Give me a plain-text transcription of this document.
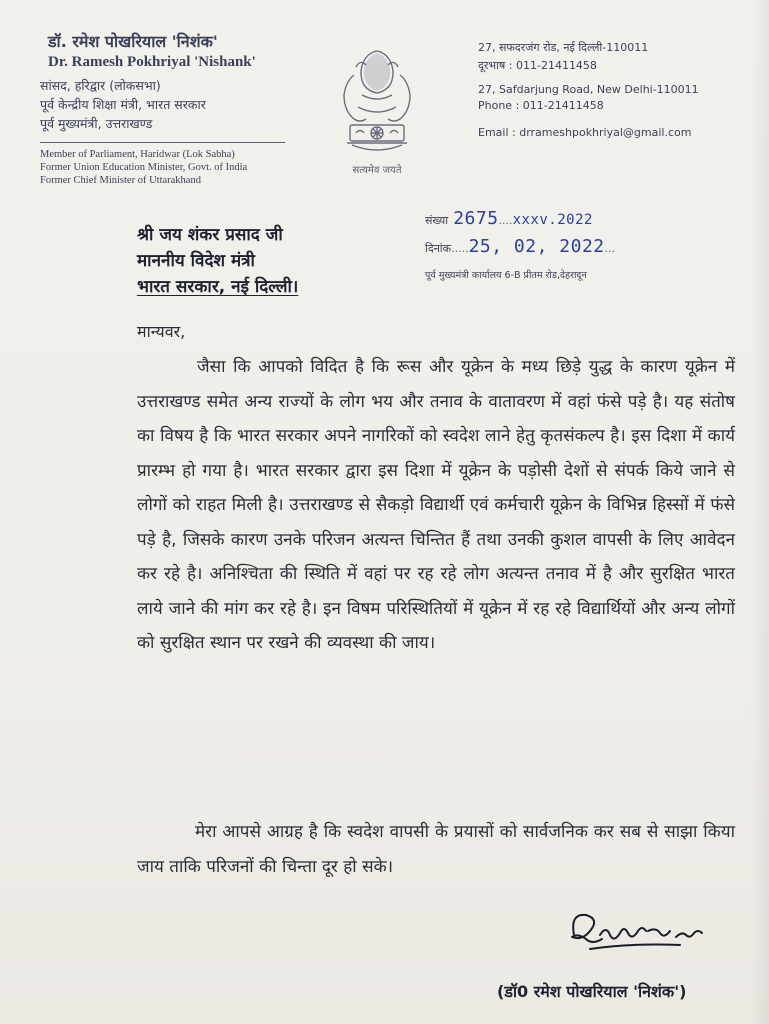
डॉ. रमेश पोखरियाल 'निशंक'
Dr. Ramesh Pokhriyal 'Nishank'
सांसद, हरिद्वार (लोकसभा)
पूर्व केन्द्रीय शिक्षा मंत्री, भारत सरकार
पूर्व मुख्यमंत्री, उत्तराखण्ड
Member of Parliament, Haridwar (Lok Sabha)
Former Union Education Minister, Govt. of India
Former Chief Minister of Uttarakhand
सत्यमेव जयते
27, सफदरजंग रोड, नई दिल्ली-110011
दूरभाष : 011-21411458
27, Safdarjung Road, New Delhi-110011
Phone : 011-21411458
Email : drrameshpokhriyal@gmail.com
श्री जय शंकर प्रसाद जी
माननीय विदेश मंत्री
भारत सरकार, नई दिल्ली।
संख्या 2675....xxxv.2022
दिनांक.....25, 02, 2022...
पूर्व मुख्यमंत्री कार्यालय 6-B प्रीतम रोड,देहरादून
मान्यवर,
जैसा कि आपको विदित है कि रूस और यूक्रेन के मध्य छिड़े युद्ध के कारण यूक्रेन में उत्तराखण्ड समेत अन्य राज्यों के लोग भय और तनाव के वातावरण में वहां फंसे पड़े है। यह संतोष का विषय है कि भारत सरकार अपने नागरिकों को स्वदेश लाने हेतु कृतसंकल्प है। इस दिशा में कार्य प्रारम्भ हो गया है। भारत सरकार द्वारा इस दिशा में यूक्रेन के पड़ोसी देशों से संपर्क किये जाने से लोगों को राहत मिली है। उत्तराखण्ड से सैकड़ो विद्यार्थी एवं कर्मचारी यूक्रेन के विभिन्न हिस्सों में फंसे पड़े है, जिसके कारण उनके परिजन अत्यन्त चिन्तित हैं तथा उनकी कुशल वापसी के लिए आवेदन कर रहे है। अनिश्चिता की स्थिति में वहां पर रह रहे लोग अत्यन्त तनाव में है और सुरक्षित भारत लाये जाने की मांग कर रहे है। इन विषम परिस्थितियों में यूक्रेन में रह रहे विद्यार्थियों और अन्य लोगों को सुरक्षित स्थान पर रखने की व्यवस्था की जाय।
मेरा आपसे आग्रह है कि स्वदेश वापसी के प्रयासों को सार्वजनिक कर सब से साझा किया जाय ताकि परिजनों की चिन्ता दूर हो सके।
(डॉ0 रमेश पोखरियाल 'निशंक')
